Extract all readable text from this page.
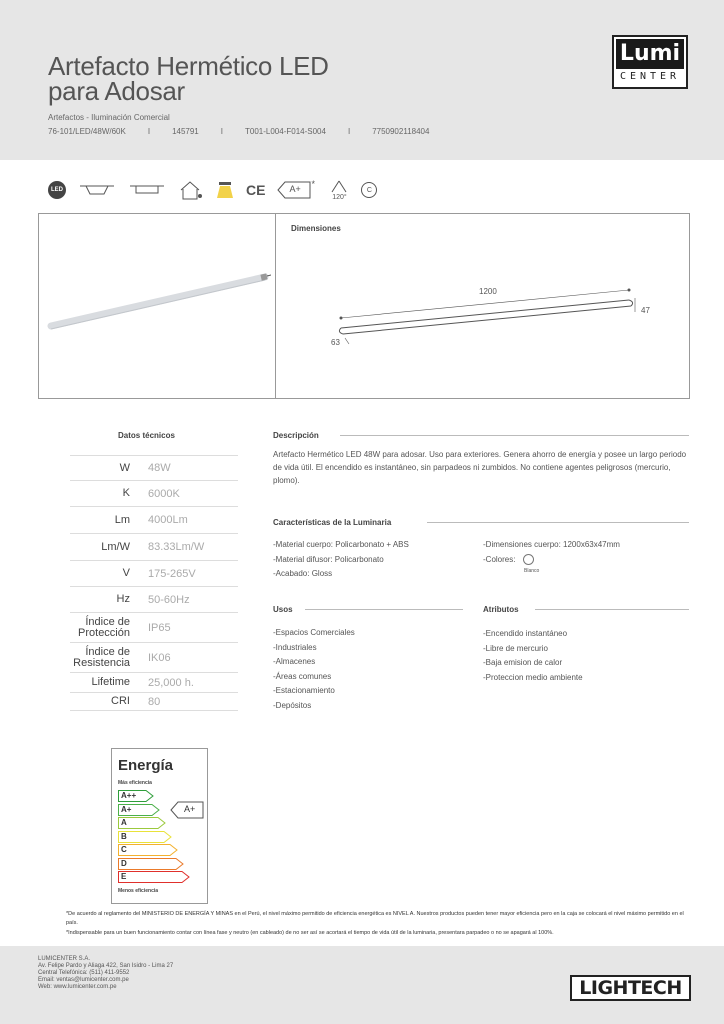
Artefacto Hermético LED
para Adosar
Artefactos - Iluminación Comercial
76-101/LED/48W/60K	I	145791	I	T001-L004-F014-S004	I	7750902118404
Lumi
CENTER
LED	CE	A+ *
120°
C
Dimensiones
1200
47
63
Datos técnicos
W	48W
K	6000K
Lm	4000Lm
Lm/W	83.33Lm/W
V	175-265V
Hz	50-60Hz
Índice de Protección	IP65
Índice de Resistencia	IK06
Lifetime	25,000 h.
CRI	80
Descripción
Artefacto Hermético LED 48W para adosar. Uso para exteriores. Genera ahorro de energía y posee un largo periodo de vida útil. El encendido es instantáneo, sin parpadeos ni zumbidos. No contiene agentes peligrosos (mercurio, plomo).
Características de la Luminaria
-Material cuerpo: Policarbonato + ABS
-Material difusor: Policarbonato
-Acabado: Gloss
-Dimensiones cuerpo: 1200x63x47mm
-Colores:
Blanco
Usos
-Espacios Comerciales
-Industriales
-Almacenes
-Áreas comunes
-Estacionamiento
-Depósitos
Atributos
-Encendido instantáneo
-Libre de mercurio
-Baja emision de calor
-Proteccion medio ambiente
Energía
Más eficiencia
A++
A+
A
B
C
D
E
A+
Menos eficiencia
*De acuerdo al reglamento del MINISTERIO DE ENERGÍA Y MINAS en el Perú, el nivel máximo permitido de eficiencia energética es NIVEL A. Nuestros productos pueden tener mayor eficiencia pero en la caja se colocará el nivel máximo permitido en el país.
*Indispensable para un buen funcionamiento contar con línea fase y neutro (en cableado) de no ser así se acortará el tiempo de vida útil de la luminaria, presentara parpadeo o no se apagará al 100%.
LUMICENTER S.A.
Av. Felipe Pardo y Aliaga 422, San Isidro - Lima 27
Central Telefónica: (511) 411-9552
Email: ventas@lumicenter.com.pe
Web: www.lumicenter.com.pe	LIGHTECH
